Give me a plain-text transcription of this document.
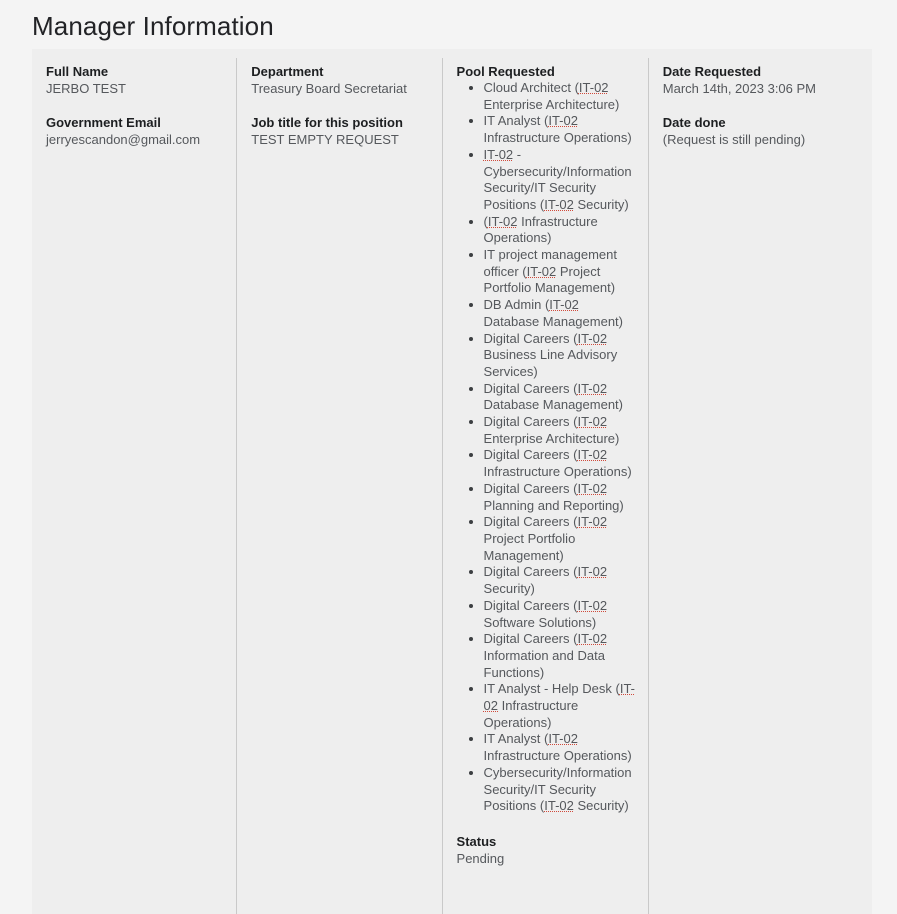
Manager Information
Full Name
JERBO TEST
Government Email
jerryescandon@gmail.com
Department
Treasury Board Secretariat
Job title for this position
TEST EMPTY REQUEST
Pool Requested
• Cloud Architect (IT-02 Enterprise Architecture)
• IT Analyst (IT-02 Infrastructure Operations)
• IT-02 - Cybersecurity/Information Security/IT Security Positions (IT-02 Security)
• (IT-02 Infrastructure Operations)
• IT project management officer (IT-02 Project Portfolio Management)
• DB Admin (IT-02 Database Management)
• Digital Careers (IT-02 Business Line Advisory Services)
• Digital Careers (IT-02 Database Management)
• Digital Careers (IT-02 Enterprise Architecture)
• Digital Careers (IT-02 Infrastructure Operations)
• Digital Careers (IT-02 Planning and Reporting)
• Digital Careers (IT-02 Project Portfolio Management)
• Digital Careers (IT-02 Security)
• Digital Careers (IT-02 Software Solutions)
• Digital Careers (IT-02 Information and Data Functions)
• IT Analyst - Help Desk (IT-02 Infrastructure Operations)
• IT Analyst (IT-02 Infrastructure Operations)
• Cybersecurity/Information Security/IT Security Positions (IT-02 Security)
Status
Pending
Date Requested
March 14th, 2023 3:06 PM
Date done
(Request is still pending)
